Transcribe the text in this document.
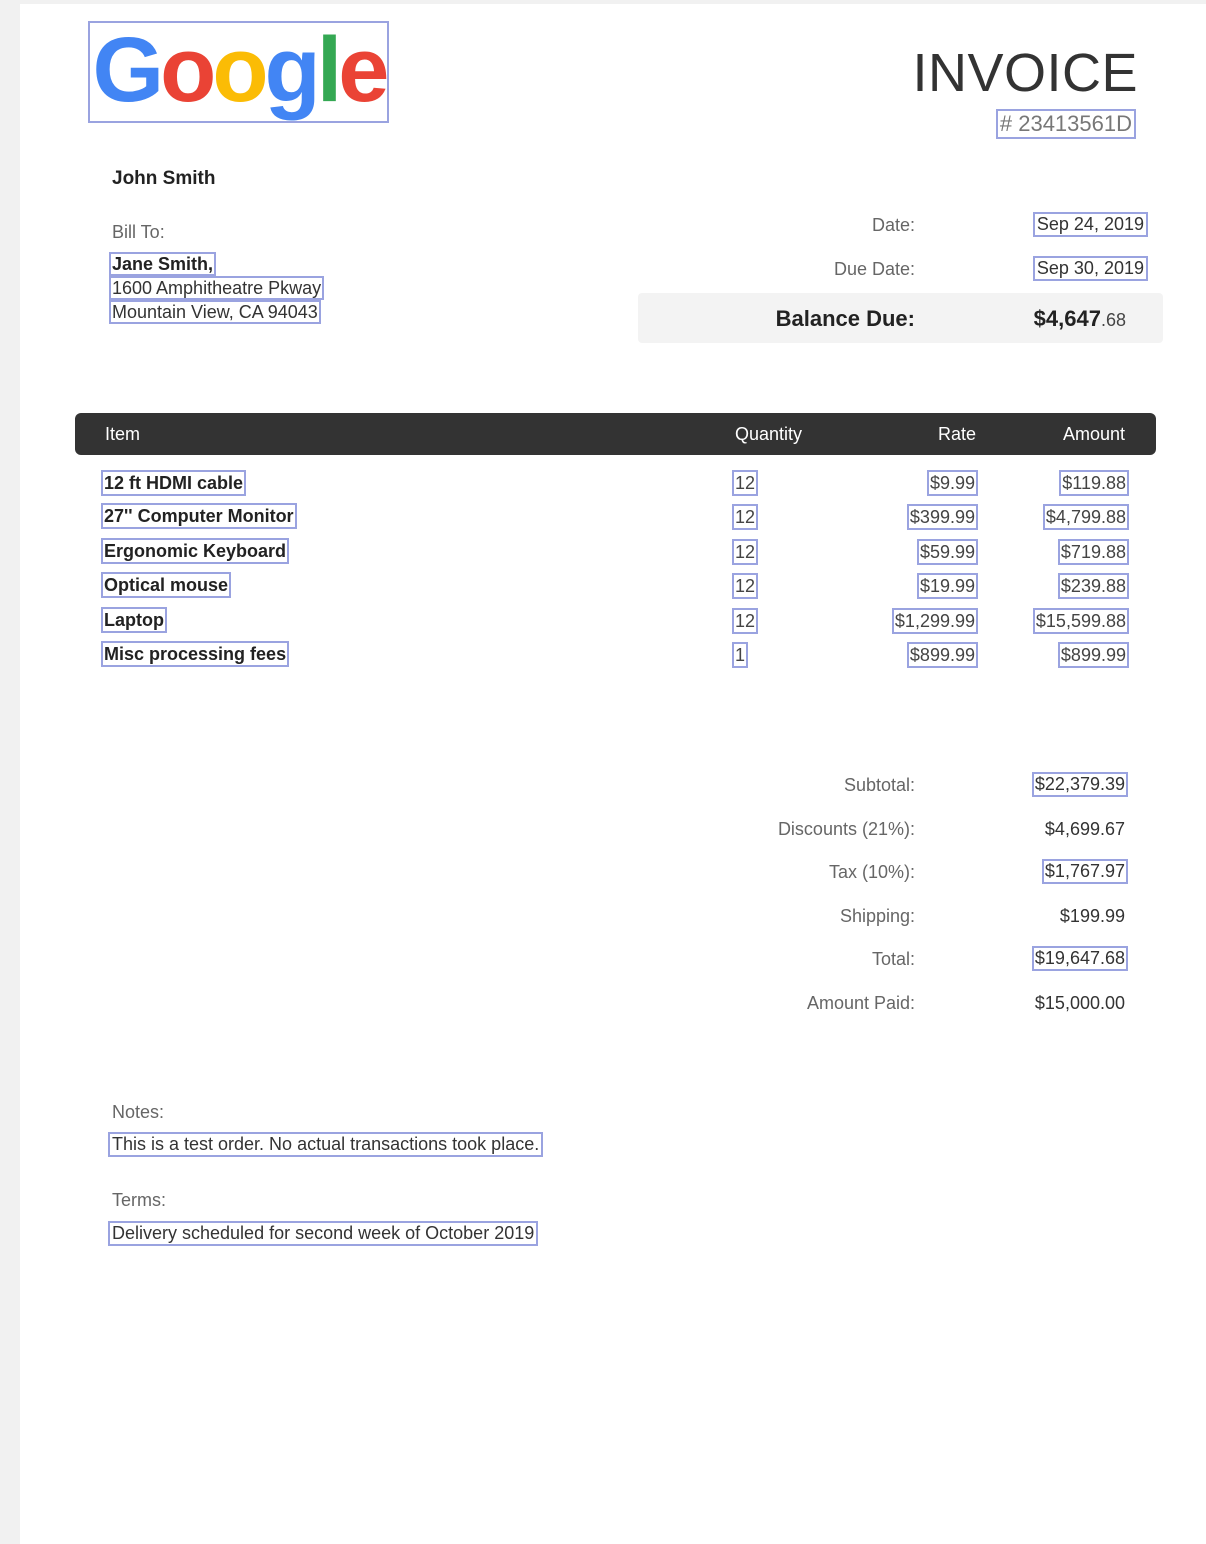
Google	INVOICE
# 23413561D
John Smith
Bill To:
Jane Smith,
1600 Amphitheatre Pkway
Mountain View, CA 94043
Date:	Sep 24, 2019
Due Date:	Sep 30, 2019
Balance Due:	$4,647.68
Item	Quantity	Rate	Amount
12 ft HDMI cable	12	$9.99	$119.88
27'' Computer Monitor	12	$399.99	$4,799.88
Ergonomic Keyboard	12	$59.99	$719.88
Optical mouse	12	$19.99	$239.88
Laptop	12	$1,299.99	$15,599.88
Misc processing fees	1	$899.99	$899.99
Subtotal:	$22,379.39
Discounts (21%):	$4,699.67
Tax (10%):	$1,767.97
Shipping:	$199.99
Total:	$19,647.68
Amount Paid:	$15,000.00
Notes:
This is a test order. No actual transactions took place.
Terms:
Delivery scheduled for second week of October 2019
